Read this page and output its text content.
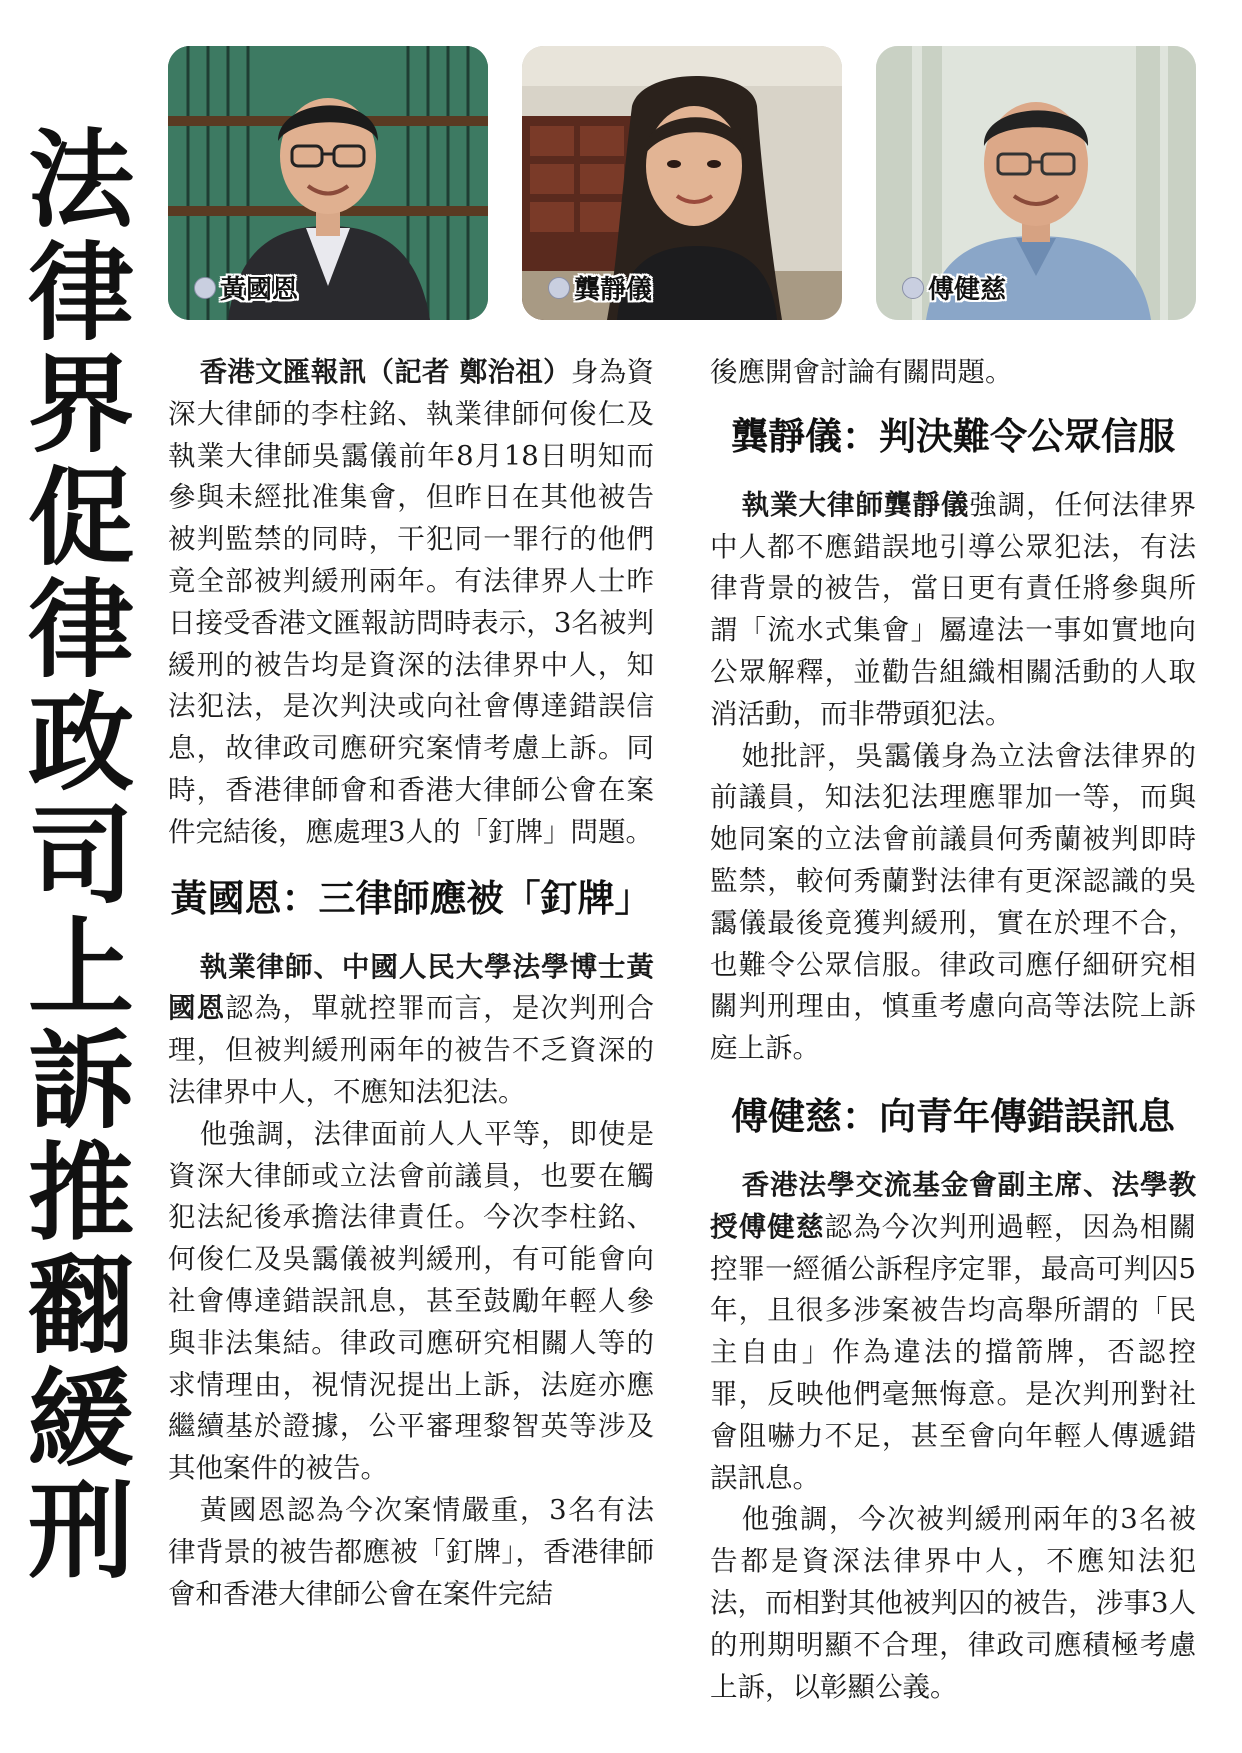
法
律
界
促
律
政
司
上
訴
推
翻
緩
刑
黃國恩	龔靜儀	傅健慈

香港文匯報訊（記者 鄭治祖）身為資深大律師的李柱銘、執業律師何俊仁及執業大律師吳靄儀前年8月18日明知而參與未經批准集會，但昨日在其他被告被判監禁的同時，干犯同一罪行的他們竟全部被判緩刑兩年。有法律界人士昨日接受香港文匯報訪問時表示，3名被判緩刑的被告均是資深的法律界中人，知法犯法，是次判決或向社會傳達錯誤信息，故律政司應研究案情考慮上訴。同時，香港律師會和香港大律師公會在案件完結後，應處理3人的「釘牌」問題。

黃國恩：三律師應被「釘牌」

執業律師、中國人民大學法學博士黃國恩認為，單就控罪而言，是次判刑合理，但被判緩刑兩年的被告不乏資深的法律界中人，不應知法犯法。

他強調，法律面前人人平等，即使是資深大律師或立法會前議員，也要在觸犯法紀後承擔法律責任。今次李柱銘、何俊仁及吳靄儀被判緩刑，有可能會向社會傳達錯誤訊息，甚至鼓勵年輕人參與非法集結。律政司應研究相關人等的求情理由，視情況提出上訴，法庭亦應繼續基於證據，公平審理黎智英等涉及其他案件的被告。

黃國恩認為今次案情嚴重，3名有法律背景的被告都應被「釘牌」，香港律師會和香港大律師公會在案件完結

後應開會討論有關問題。

龔靜儀：判決難令公眾信服

執業大律師龔靜儀強調，任何法律界中人都不應錯誤地引導公眾犯法，有法律背景的被告，當日更有責任將參與所謂「流水式集會」屬違法一事如實地向公眾解釋，並勸告組織相關活動的人取消活動，而非帶頭犯法。

她批評，吳靄儀身為立法會法律界的前議員，知法犯法理應罪加一等，而與她同案的立法會前議員何秀蘭被判即時監禁，較何秀蘭對法律有更深認識的吳靄儀最後竟獲判緩刑，實在於理不合，也難令公眾信服。律政司應仔細研究相關判刑理由，慎重考慮向高等法院上訴庭上訴。

傅健慈：向青年傳錯誤訊息

香港法學交流基金會副主席、法學教授傅健慈認為今次判刑過輕，因為相關控罪一經循公訴程序定罪，最高可判囚5年，且很多涉案被告均高舉所謂的「民主自由」作為違法的擋箭牌，否認控罪，反映他們毫無悔意。是次判刑對社會阻嚇力不足，甚至會向年輕人傳遞錯誤訊息。

他強調，今次被判緩刑兩年的3名被告都是資深法律界中人，不應知法犯法，而相對其他被判囚的被告，涉事3人的刑期明顯不合理，律政司應積極考慮上訴，以彰顯公義。
